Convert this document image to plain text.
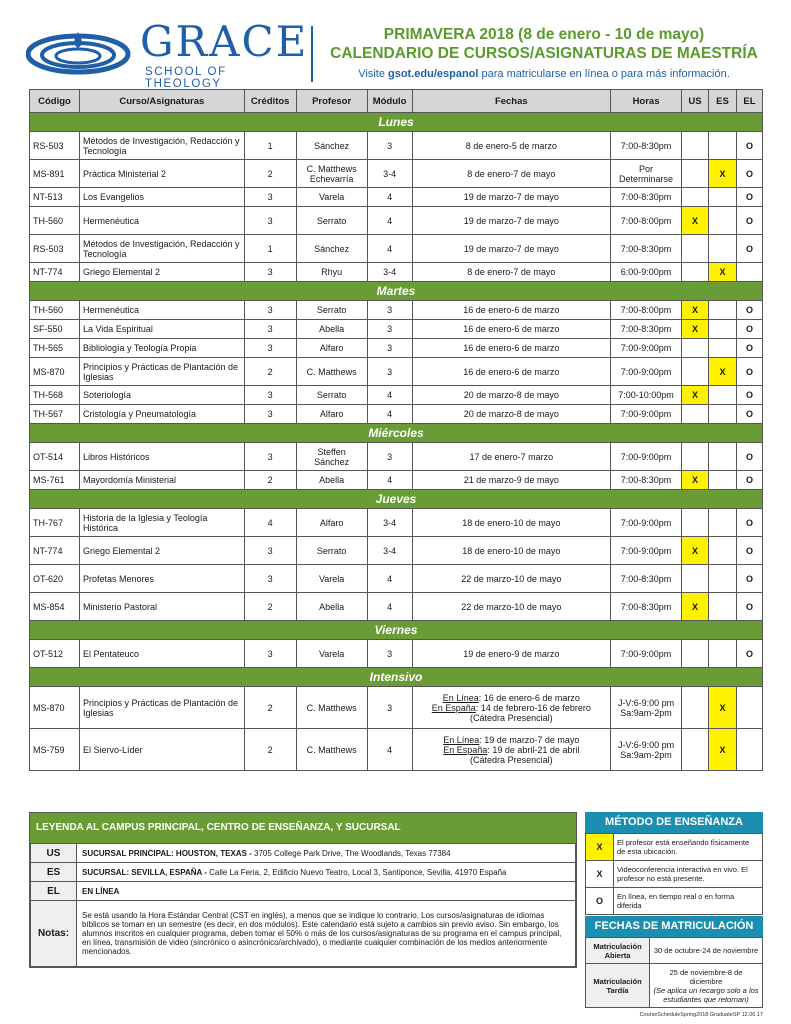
GRACE
SCHOOL OF THEOLOGY
PRIMAVERA 2018 (8 de enero - 10 de mayo)
CALENDARIO DE CURSOS/ASIGNATURAS DE MAESTRÍA
Visite gsot.edu/espanol para matricularse en línea o para más información.
Código	Curso/Asignaturas	Créditos	Profesor	Módulo	Fechas	Horas	US	ES	EL
Lunes									
RS-503	Métodos de Investigación, Redacción y Tecnología	1	Sánchez	3	8 de enero-5 de marzo	7:00-8:30pm			O
MS-891	Práctica Ministerial 2	2	C. Matthews Echevarría	3-4	8 de enero-7 de mayo	Por Determinarse		X	O
NT-513	Los Evangelios	3	Varela	4	19 de marzo-7 de mayo	7:00-8:30pm			O
TH-560	Hermenéutica	3	Serrato	4	19 de marzo-7 de mayo	7:00-8:00pm	X		O
RS-503	Métodos de Investigación, Redacción y Tecnología	1	Sánchez	4	19 de marzo-7 de mayo	7:00-8:30pm			O
NT-774	Griego Elemental 2	3	Rhyu	3-4	8 de enero-7 de mayo	6:00-9:00pm		X	
Martes									
TH-560	Hermenéutica	3	Serrato	3	16 de enero-6 de marzo	7:00-8:00pm	X		O
SF-550	La Vida Espiritual	3	Abella	3	16 de enero-6 de marzo	7:00-8:30pm	X		O
TH-565	Bibliología y Teología Propia	3	Alfaro	3	16 de enero-6 de marzo	7:00-9:00pm			O
MS-870	Principios y Prácticas de Plantación de Iglesias	2	C. Matthews	3	16 de enero-6 de marzo	7:00-9:00pm		X	O
TH-568	Soteriología	3	Serrato	4	20 de marzo-8 de mayo	7:00-10:00pm	X		O
TH-567	Cristología y Pneumatología	3	Alfaro	4	20 de marzo-8 de mayo	7:00-9:00pm			O
Miércoles									
OT-514	Libros Históricos	3	Steffen Sánchez	3	17 de enero-7 marzo	7:00-9:00pm			O
MS-761	Mayordomía Ministerial	2	Abella	4	21 de marzo-9 de mayo	7:00-8:30pm	X		O
Jueves									
TH-767	Historia de la Iglesia y Teología Histórica	4	Alfaro	3-4	18 de enero-10 de mayo	7:00-9:00pm			O
NT-774	Griego Elemental 2	3	Serrato	3-4	18 de enero-10 de mayo	7:00-9:00pm	X		O
OT-620	Profetas Menores	3	Varela	4	22 de marzo-10 de mayo	7:00-8:30pm			O
MS-854	Ministerio Pastoral	2	Abella	4	22 de marzo-10 de mayo	7:00-8:30pm	X		O
Viernes									
OT-512	El Pentateuco	3	Varela	3	19 de enero-9 de marzo	7:00-9:00pm			O
Intensivo									
MS-870	Principios y Prácticas de Plantación de Iglesias	2	C. Matthews	3	En Línea: 16 de enero-6 de marzo
En España: 14 de febrero-16 de febrero
(Cátedra Presencial)	J-V:6-9:00 pm Sa:9am-2pm		X	
MS-759	El Siervo-Líder	2	C. Matthews	4	En Línea: 19 de marzo-7 de mayo
En España: 19 de abril-21 de abril
(Cátedra Presencial)	J-V:6-9:00 pm Sa:9am-2pm		X	
LEYENDA AL CAMPUS PRINCIPAL, CENTRO DE ENSEÑANZA, Y SUCURSAL
US	SUCURSAL PRINCIPAL: HOUSTON, TEXAS - 3705 College Park Drive, The Woodlands, Texas 77384
ES	SUCURSAL: SEVILLA, ESPAÑA - Calle La Feria, 2, Edificio Nuevo Teatro, Local 3, Santiponce, Sevilla, 41970 España
EL	EN LÍNEA
Notas:	Se está usando la Hora Estándar Central (CST en inglés), a menos que se indique lo contrario. Los cursos/asignaturas de idiomas bíblicos se toman en un semestre (es decir, en dos módulos). Este calendario está sujeto a cambios sin previo aviso. Sin embargo, los alumnos inscritos en cualquier programa, deben tomar el 50% o más de los cursos/asignaturas de su programa en el campus principal, en línea, transmisión de video (sincrónico o asincrónico/archivado), o mediante cualquier combinación de los medios anteriormente mencionados.
MÉTODO DE ENSEÑANZA
X	El profesor está enseñando físicamente de esta ubicación.
X	Videoconferencia interactiva en vivo. El profesor no está presente.
O	En línea, en tiempo real o en forma diferida
FECHAS DE MATRICULACIÓN
Matriculación Abierta	30 de octubre-24 de noviembre

Matriculación Tardía	25 de noviembre-8 de diciembre
(Se aplica un recargo solo a los estudiantes que retornan)
CourseScheduleSpring2018 GraduateSP 12.06.17
